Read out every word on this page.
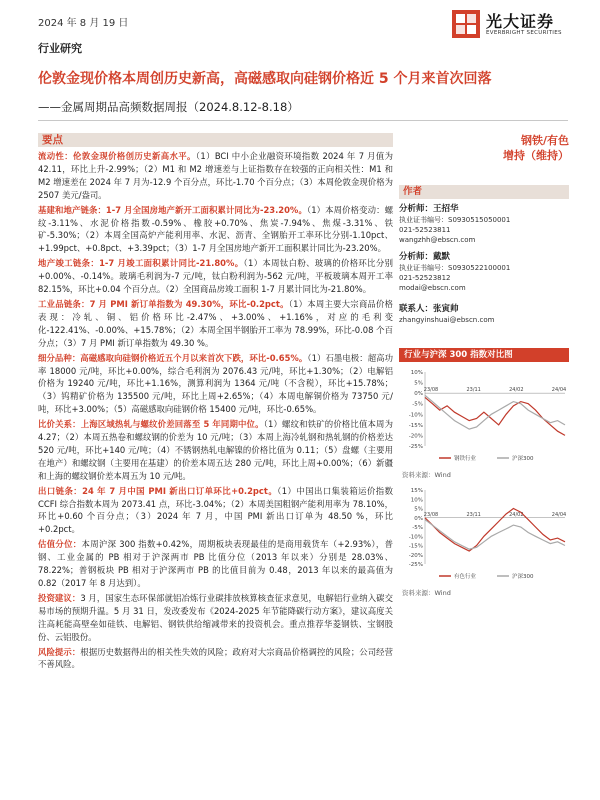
2024 年 8 月 19 日	光大证券
EVERBRIGHT SECURITIES
行业研究
伦敦金现价格本周创历史新高，高磁感取向硅钢价格近 5 个月来首次回落
——金属周期品高频数据周报（2024.8.12-8.18）
要点

流动性：伦敦金现价格创历史新高水平。（1）BCI 中小企业融资环境指数 2024 年 7 月值为 42.11，环比上升-2.99%；（2）M1 和 M2 增速差与上证指数存在较强的正向相关性：M1 和 M2 增速差在 2024 年 7 月为-12.9 个百分点，环比-1.70 个百分点；（3）本周伦敦金现价格为 2507 美元/盎司。

基建和地产链条：1-7 月全国房地产新开工面积累计同比为-23.20%。（1）本周价格变动：螺纹-3.11%、水泥价格指数-0.59%、橡胶+0.70%、焦炭-7.94%、焦煤-3.31%、铁矿-5.30%；（2）本周全国高炉产能利用率、水泥、沥青、全钢胎开工率环比分别-1.10pct、+1.99pct、+0.8pct、+3.39pct；（3）1-7 月全国房地产新开工面积累计同比为-23.20%。

地产竣工链条：1-7 月竣工面积累计同比-21.80%。（1）本周钛白粉、玻璃的价格环比分别+0.00%、-0.14%。玻璃毛利润为-7 元/吨，钛白粉利润为-562 元/吨，平板玻璃本周开工率 82.15%，环比+0.04 个百分点。（2）全国商品房竣工面积 1-7 月累计同比为-21.80%。

工业品链条：7 月 PMI 新订单指数为 49.30%，环比-0.2pct。（1）本周主要大宗商品价格表现：冷轧、铜、铝价格环比-2.47%、+3.00%、+1.16%，对应的毛利变化-122.41%、-0.00%、+15.78%；（2）本周全国半钢胎开工率为 78.99%，环比-0.08 个百分点；（3）7 月 PMI 新订单指数为 49.30 %。

细分品种：高磁感取向硅钢价格近五个月以来首次下跌，环比-0.65%。（1）石墨电极：超高功率 18000 元/吨，环比+0.00%，综合毛利润为 2076.43 元/吨，环比+1.30%；（2）电解铝价格为 19240 元/吨，环比+1.16%，测算利润为 1364 元/吨（不含税），环比+15.78%；（3）钨精矿价格为 135500 元/吨，环比上周+2.65%；（4）本周电解铜价格为 73750 元/吨，环比+3.00%；（5）高磁感取向硅钢价格 15400 元/吨，环比-0.65%。

比价关系：上海区域热轧与螺纹价差回落至 5 年同期中位。（1）螺纹和铁矿的价格比值本周为 4.27；（2）本周五热卷和螺纹钢的价差为 10 元/吨；（3）本周上海冷轧钢和热轧钢的价格差达 520 元/吨，环比+140 元/吨；（4）不锈钢热轧电解镍的价格比值为 0.11；（5）盘螺（主要用在地产）和螺纹钢（主要用在基建）的价差本周五达 280 元/吨，环比上周+0.00%；（6）新疆和上海的螺纹钢价差本周五为 10 元/吨。

出口链条：24 年 7 月中国 PMI 新出口订单环比+0.2pct。（1）中国出口集装箱运价指数 CCFI 综合指数本周为 2073.41 点，环比-3.04%；（2）本周美国粗钢产能利用率为 78.10%，环比+0.60 个百分点；（3）2024 年 7 月，中国 PMI 新出口订单为 48.50 %，环比+0.2pct。

估值分位：本周沪深 300 指数+0.42%，周期板块表现最佳的是商用载货车（+2.93%），普钢、工业金属的 PB 相对于沪深两市 PB 比值分位（2013 年以来）分别是 28.03%、78.22%；普钢板块 PB 相对于沪深两市 PB 的比值目前为 0.48，2013 年以来的最高值为 0.82（2017 年 8 月达到）。

投资建议：3 月，国家生态环保部就铝冶炼行业碳排放核算核查征求意见，电解铝行业纳入碳交易市场的预期升温。5 月 31 日，发改委发布《2024-2025 年节能降碳行动方案》，建议高度关注高耗能高壁垒如硅铁、电解铝、钢铁供给缩减带来的投资机会。重点推荐华菱钢铁、宝钢股份、云铝股份。

风险提示：根据历史数据得出的相关性失效的风险；政府对大宗商品价格调控的风险；公司经营不善风险。

钢铁/有色
增持（维持）
作者
分析师：王招华
执业证书编号：S0930515050001
021-52523811
wangzhh@ebscn.com
分析师：戴默
执业证书编号：S0930522100001
021-52523812
modai@ebscn.com
联系人：张寅帅
zhangyinshuai@ebscn.com
行业与沪深 300 指数对比图
10%
5%
0%
-5%
-10%
-15%
-20%
-25%
23/08	23/11	24/02	24/04
钢铁行业	沪深300
资料来源：Wind
15%
10%
5%
0%
-5%
-10%
-15%
-20%
-25%
23/08	23/11	24/02	24/04
有色行业	沪深300
资料来源：Wind
